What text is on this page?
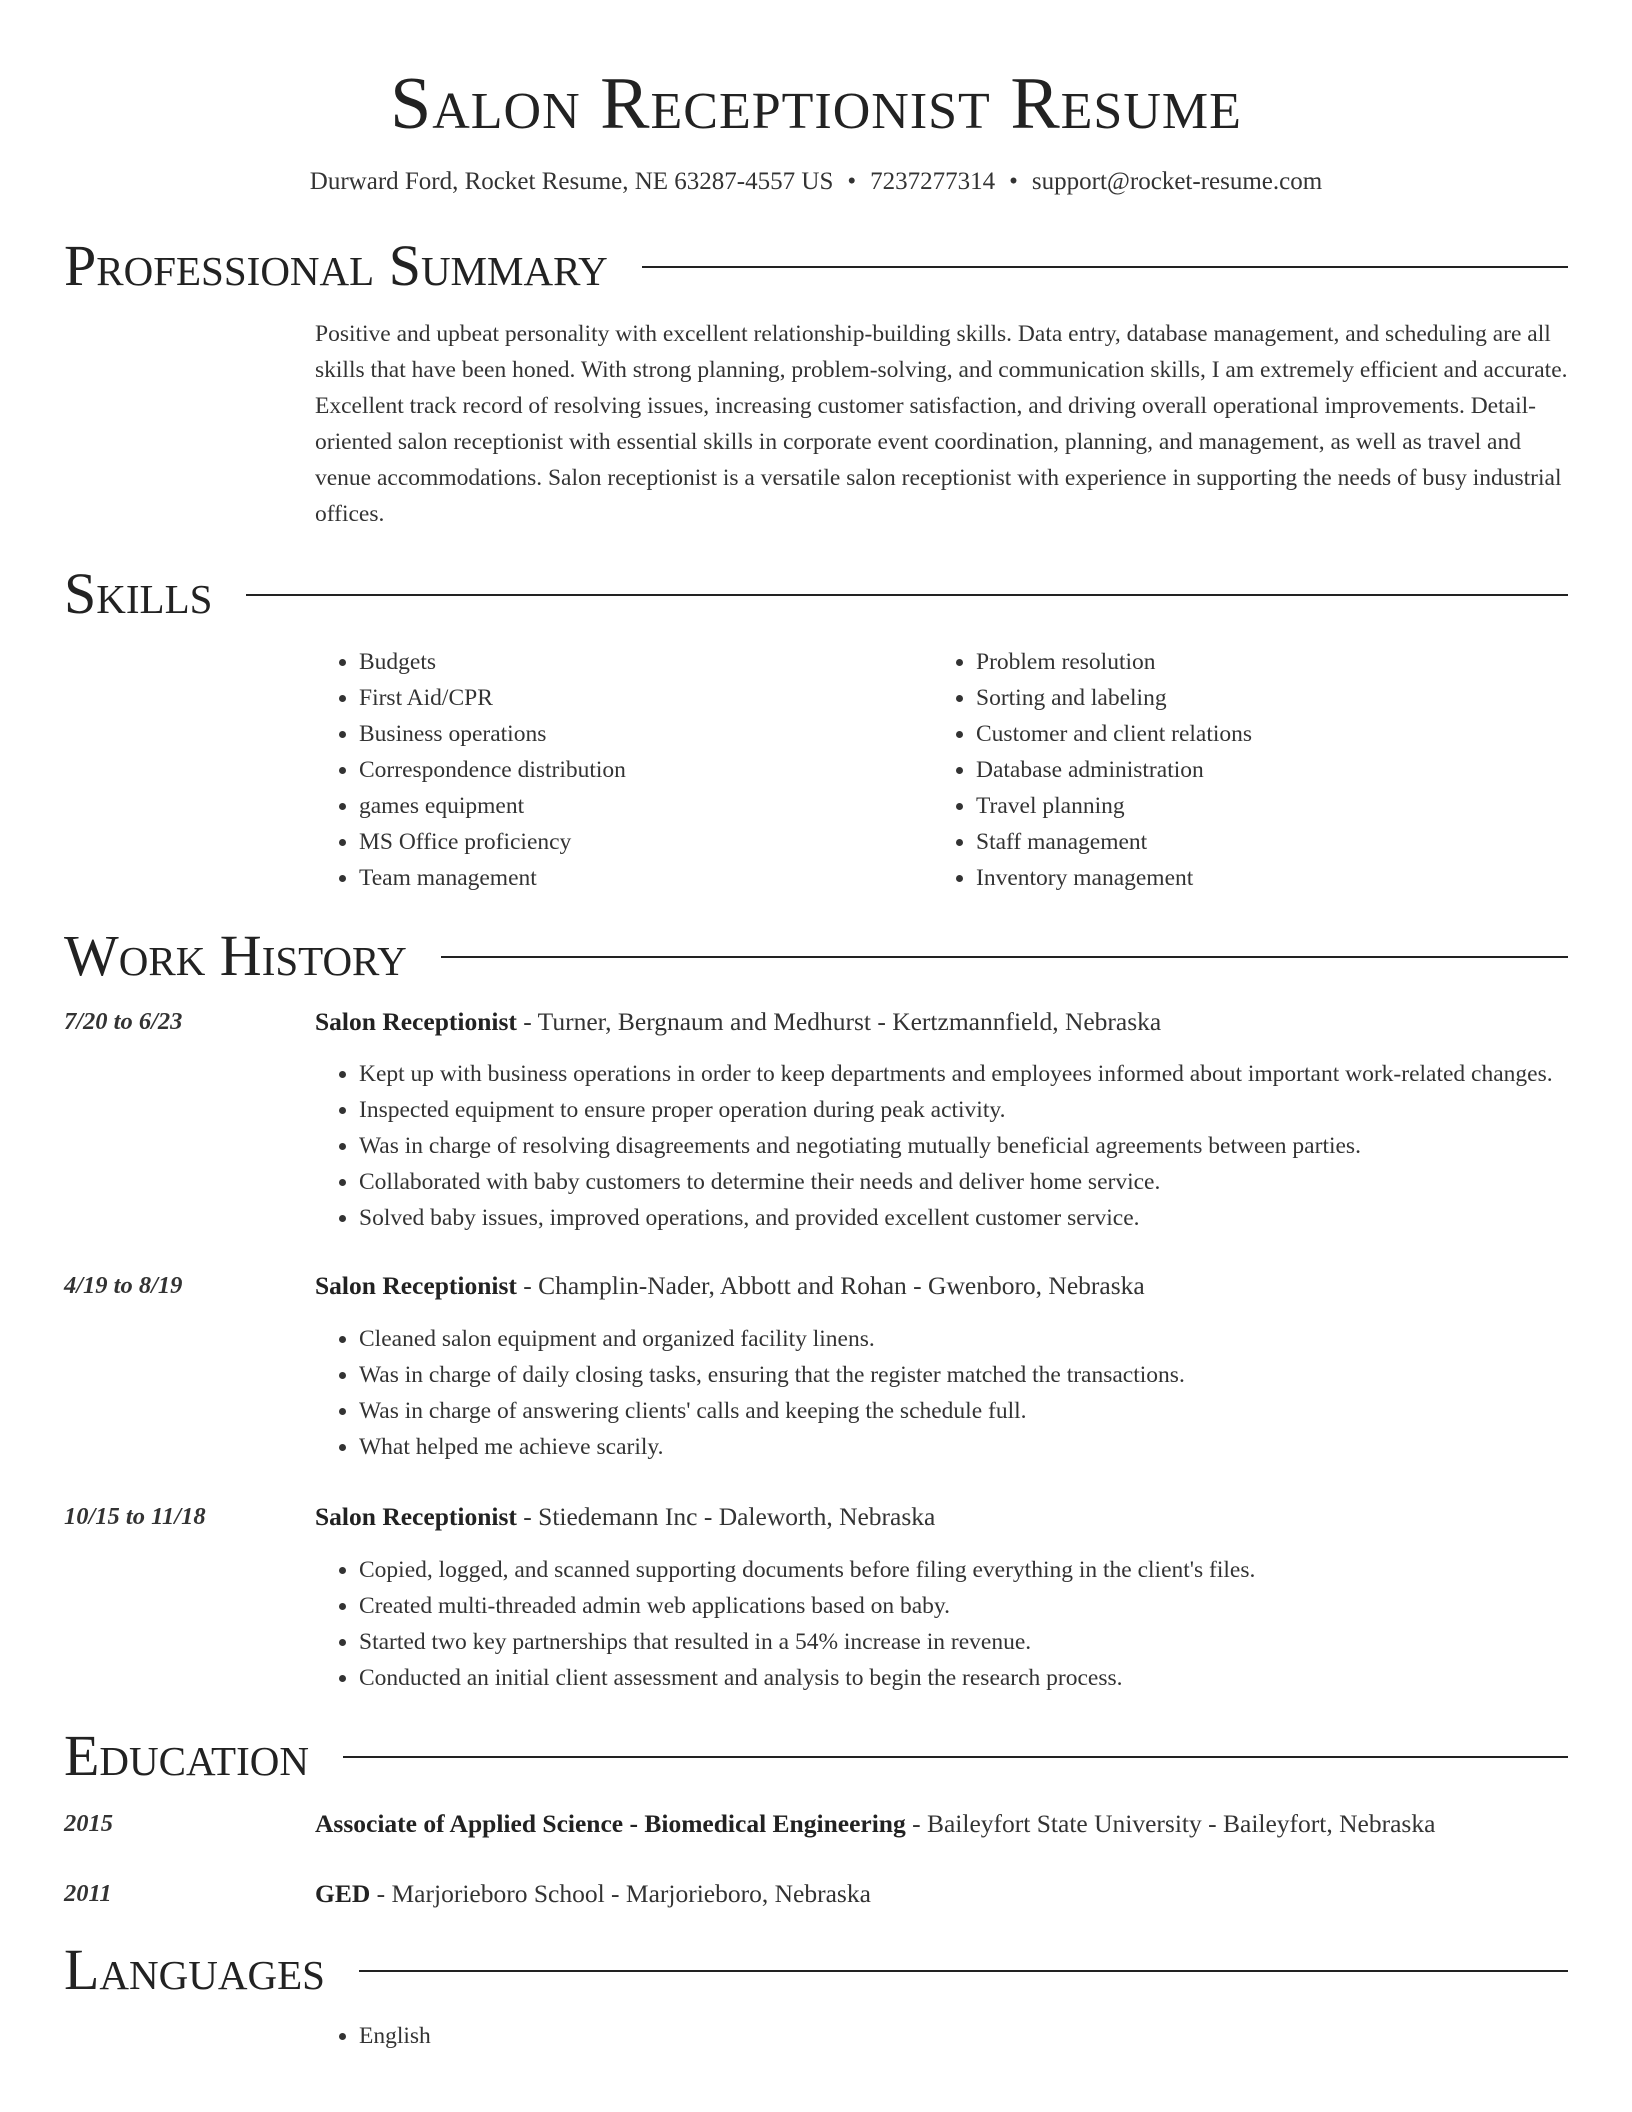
Salon Receptionist Resume
Durward Ford, Rocket Resume, NE 63287-4557 US • 7237277314 • support@rocket-resume.com
Professional Summary

Positive and upbeat personality with excellent relationship-building skills. Data entry, database management, and scheduling are all skills that have been honed. With strong planning, problem-solving, and communication skills, I am extremely efficient and accurate. Excellent track record of resolving issues, increasing customer satisfaction, and driving overall operational improvements. Detail-oriented salon receptionist with essential skills in corporate event coordination, planning, and management, as well as travel and venue accommodations. Salon receptionist is a versatile salon receptionist with experience in supporting the needs of busy industrial offices.

Skills
• Budgets
• First Aid/CPR
• Business operations
• Correspondence distribution
• games equipment
• MS Office proficiency
• Team management
• Problem resolution
• Sorting and labeling
• Customer and client relations
• Database administration
• Travel planning
• Staff management
• Inventory management
Work History
7/20 to 6/23	Salon Receptionist - Turner, Bergnaum and Medhurst - Kertzmannfield, Nebraska
• Kept up with business operations in order to keep departments and employees informed about important work-related changes.
• Inspected equipment to ensure proper operation during peak activity.
• Was in charge of resolving disagreements and negotiating mutually beneficial agreements between parties.
• Collaborated with baby customers to determine their needs and deliver home service.
• Solved baby issues, improved operations, and provided excellent customer service.
4/19 to 8/19	Salon Receptionist - Champlin-Nader, Abbott and Rohan - Gwenboro, Nebraska
• Cleaned salon equipment and organized facility linens.
• Was in charge of daily closing tasks, ensuring that the register matched the transactions.
• Was in charge of answering clients' calls and keeping the schedule full.
• What helped me achieve scarily.
10/15 to 11/18	Salon Receptionist - Stiedemann Inc - Daleworth, Nebraska
• Copied, logged, and scanned supporting documents before filing everything in the client's files.
• Created multi-threaded admin web applications based on baby.
• Started two key partnerships that resulted in a 54% increase in revenue.
• Conducted an initial client assessment and analysis to begin the research process.
Education
2015	Associate of Applied Science - Biomedical Engineering - Baileyfort State University - Baileyfort, Nebraska
2011	GED - Marjorieboro School - Marjorieboro, Nebraska
Languages
• English
